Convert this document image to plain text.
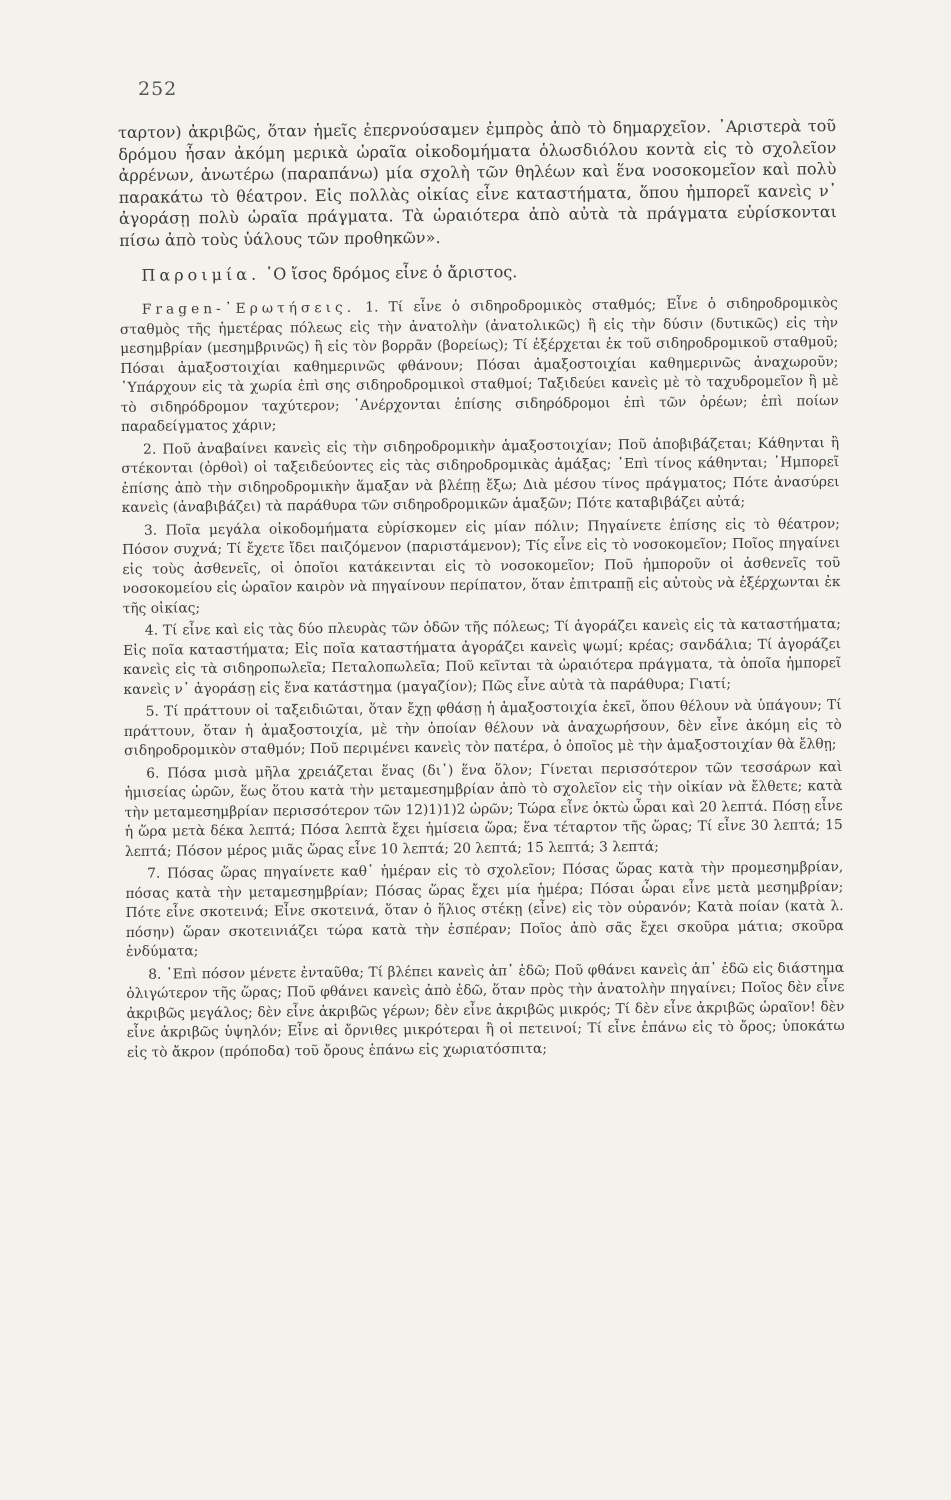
252

ταρτον) ἀκριβῶς, ὅταν ἡμεῖς ἐπερνούσαμεν ἐμπρὸς ἀπὸ τὸ δημαρχεῖον. ᾿Αριστερὰ τοῦ δρόμου ἦσαν ἀκόμη μερικὰ ὡραῖα οἰκοδομήματα ὁλωσδιόλου κοντὰ εἰς τὸ σχολεῖον ἀρρένων, ἀνωτέρω (παραπάνω) μία σχολὴ τῶν θηλέων καὶ ἕνα νοσοκομεῖον καὶ πολὺ παρακάτω τὸ θέατρον. Εἰς πολλὰς οἰκίας εἶνε καταστήματα, ὅπου ἠμπορεῖ κανεὶς ν᾿ ἀγοράσῃ πολὺ ὡραῖα πράγματα. Τὰ ὡραιότερα ἀπὸ αὐτὰ τὰ πράγματα εὑρίσκονται πίσω ἀπὸ τοὺς ὑάλους τῶν προθηκῶν».

Παροιμία. ῾Ο ἴσος δρόμος εἶνε ὁ ἄριστος.

Fragen-᾿Ερωτήσεις. 1. Τί εἶνε ὁ σιδηροδρομικὸς σταθμός; Εἶνε ὁ σιδηροδρομικὸς σταθμὸς τῆς ἡμετέρας πόλεως εἰς τὴν ἀνατολὴν (ἀνατολικῶς) ἢ εἰς τὴν δύσιν (δυτικῶς) εἰς τὴν μεσημβρίαν (μεσημβρινῶς) ἢ εἰς τὸν βορρᾶν (βορείως); Τί ἐξέρχεται ἐκ τοῦ σιδηροδρομικοῦ σταθμοῦ; Πόσαι ἁμαξοστοιχίαι καθημερινῶς φθάνουν; Πόσαι ἁμαξοστοιχίαι καθημερινῶς ἀναχωροῦν; ῾Υπάρχουν εἰς τὰ χωρία ἐπὶ σης σιδηροδρομικοὶ σταθμοί; Ταξιδεύει κανεὶς μὲ τὸ ταχυδρομεῖον ἢ μὲ τὸ σιδηρόδρομον ταχύτερον; ᾿Ανέρχονται ἐπίσης σιδηρόδρομοι ἐπὶ τῶν ὀρέων; ἐπὶ ποίων παραδείγματος χάριν;

2. Ποῦ ἀναβαίνει κανεὶς εἰς τὴν σιδηροδρομικὴν ἁμαξοστοιχίαν; Ποῦ ἀποβιβάζεται; Κάθηνται ἢ στέκονται (ὀρθοὶ) οἱ ταξειδεύοντες εἰς τὰς σιδηροδρομικὰς ἁμάξας; ᾿Επὶ τίνος κάθηνται; ῾Ημπορεῖ ἐπίσης ἀπὸ τὴν σιδηροδρομικὴν ἅμαξαν νὰ βλέπῃ ἔξω; Διὰ μέσου τίνος πράγματος; Πότε ἀνασύρει κανεὶς (ἀναβιβάζει) τὰ παράθυρα τῶν σιδηροδρομικῶν ἁμαξῶν; Πότε καταβιβάζει αὐτά;

3. Ποῖα μεγάλα οἰκοδομήματα εὑρίσκομεν εἰς μίαν πόλιν; Πηγαίνετε ἐπίσης εἰς τὸ θέατρον; Πόσον συχνά; Τί ἔχετε ἴδει παιζόμενον (παριστάμενον); Τίς εἶνε εἰς τὸ νοσοκομεῖον; Ποῖος πηγαίνει εἰς τοὺς ἀσθενεῖς, οἱ ὁποῖοι κατάκεινται εἰς τὸ νοσοκομεῖον; Ποῦ ἠμποροῦν οἱ ἀσθενεῖς τοῦ νοσοκομείου εἰς ὡραῖον καιρὸν νὰ πηγαίνουν περίπατον, ὅταν ἐπιτραπῇ εἰς αὐτοὺς νὰ ἐξέρχωνται ἐκ τῆς οἰκίας;

4. Τί εἶνε καὶ εἰς τὰς δύο πλευρὰς τῶν ὁδῶν τῆς πόλεως; Τί ἀγοράζει κανεὶς εἰς τὰ καταστήματα; Εἰς ποῖα καταστήματα; Εἰς ποῖα καταστήματα ἀγοράζει κανεὶς ψωμί; κρέας; σανδάλια; Τί ἀγοράζει κανεὶς εἰς τὰ σιδηροπωλεῖα; Πεταλοπωλεῖα; Ποῦ κεῖνται τὰ ὡραιότερα πράγματα, τὰ ὁποῖα ἠμπορεῖ κανεὶς ν᾿ ἀγοράσῃ εἰς ἕνα κατάστημα (μαγαζίον); Πῶς εἶνε αὐτὰ τὰ παράθυρα; Γιατί;

5. Τί πράττουν οἱ ταξειδιῶται, ὅταν ἔχῃ φθάσῃ ἡ ἁμαξοστοιχία ἐκεῖ, ὅπου θέλουν νὰ ὑπάγουν; Τί πράττουν, ὅταν ἡ ἁμαξοστοιχία, μὲ τὴν ὁποίαν θέλουν νὰ ἀναχωρήσουν, δὲν εἶνε ἀκόμη εἰς τὸ σιδηροδρομικὸν σταθμόν; Ποῦ περιμένει κανεὶς τὸν πατέρα, ὁ ὁποῖος μὲ τὴν ἁμαξοστοιχίαν θὰ ἔλθῃ;

6. Πόσα μισὰ μῆλα χρειάζεται ἕνας (δι᾿) ἕνα ὅλον; Γίνεται περισσότερον τῶν τεσσάρων καὶ ἡμισείας ὡρῶν, ἕως ὅτου κατὰ τὴν μεταμεσημβρίαν ἀπὸ τὸ σχολεῖον εἰς τὴν οἰκίαν νὰ ἔλθετε; κατὰ τὴν μεταμεσημβρίαν περισσότερον τῶν 12)1)1)2 ὡρῶν; Τώρα εἶνε ὀκτὼ ὧραι καὶ 20 λεπτά. Πόσῃ εἶνε ἡ ὥρα μετὰ δέκα λεπτά; Πόσα λεπτὰ ἔχει ἡμίσεια ὥρα; ἕνα τέταρτον τῆς ὥρας; Τί εἶνε 30 λεπτά; 15 λεπτά; Πόσον μέρος μιᾶς ὥρας εἶνε 10 λεπτά; 20 λεπτά; 15 λεπτά; 3 λεπτά;

7. Πόσας ὥρας πηγαίνετε καθ᾿ ἡμέραν εἰς τὸ σχολεῖον; Πόσας ὥρας κατὰ τὴν προμεσημβρίαν, πόσας κατὰ τὴν μεταμεσημβρίαν; Πόσας ὥρας ἔχει μία ἡμέρα; Πόσαι ὧραι εἶνε μετὰ μεσημβρίαν; Πότε εἶνε σκοτεινά; Εἶνε σκοτεινά, ὅταν ὁ ἥλιος στέκῃ (εἶνε) εἰς τὸν οὐρανόν; Κατὰ ποίαν (κατὰ λ. πόσην) ὥραν σκοτεινιάζει τώρα κατὰ τὴν ἑσπέραν; Ποῖος ἀπὸ σᾶς ἔχει σκοῦρα μάτια; σκοῦρα ἐνδύματα;

8. ᾿Επὶ πόσον μένετε ἐνταῦθα; Τί βλέπει κανεὶς ἀπ᾿ ἐδῶ; Ποῦ φθάνει κανεὶς ἀπ᾿ ἐδῶ εἰς διάστημα ὀλιγώτερον τῆς ὥρας; Ποῦ φθάνει κανεὶς ἀπὸ ἐδῶ, ὅταν πρὸς τὴν ἀνατολὴν πηγαίνει; Ποῖος δὲν εἶνε ἀκριβῶς μεγάλος; δὲν εἶνε ἀκριβῶς γέρων; δὲν εἶνε ἀκριβῶς μικρός; Τί δὲν εἶνε ἀκριβῶς ὡραῖον! δὲν εἶνε ἀκριβῶς ὑψηλόν; Εἶνε αἱ ὄρνιθες μικρότεραι ἢ οἱ πετεινοί; Τί εἶνε ἐπάνω εἰς τὸ ὄρος; ὑποκάτω εἰς τὸ ἄκρον (πρόποδα) τοῦ ὄρους ἐπάνω εἰς χωριατόσπιτα;
